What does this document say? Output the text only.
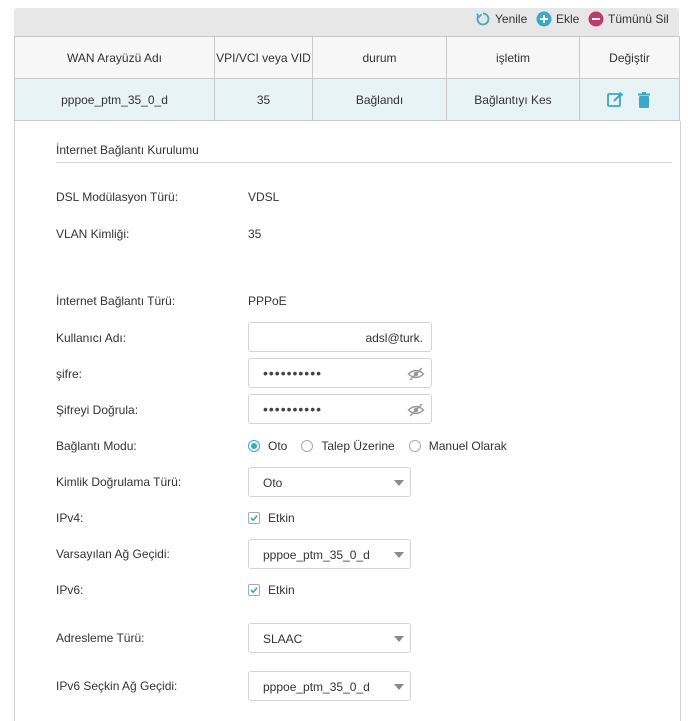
Yenile Ekle Tümünü Sil
WAN Arayüzü Adı	VPI/VCI veya VID	durum	işletim	Değiştir
pppoe_ptm_35_0_d	35	Bağlandı	Bağlantıyı Kes	
İnternet Bağlantı Kurulumu
DSL Modülasyon Türü:	VDSL
VLAN Kimliği:	35
İnternet Bağlantı Türü:	PPPoE
Kullanıcı Adı:	adsl@turk.
şifre:	••••••••••
Şifreyi Doğrula:	••••••••••
Bağlantı Modu:	Oto	Talep Üzerine	Manuel Olarak
Kimlik Doğrulama Türü:	Oto
IPv4:	Etkin
Varsayılan Ağ Geçidi:	pppoe_ptm_35_0_d
IPv6:	Etkin
Adresleme Türü:	SLAAC
IPv6 Seçkin Ağ Geçidi:	pppoe_ptm_35_0_d
